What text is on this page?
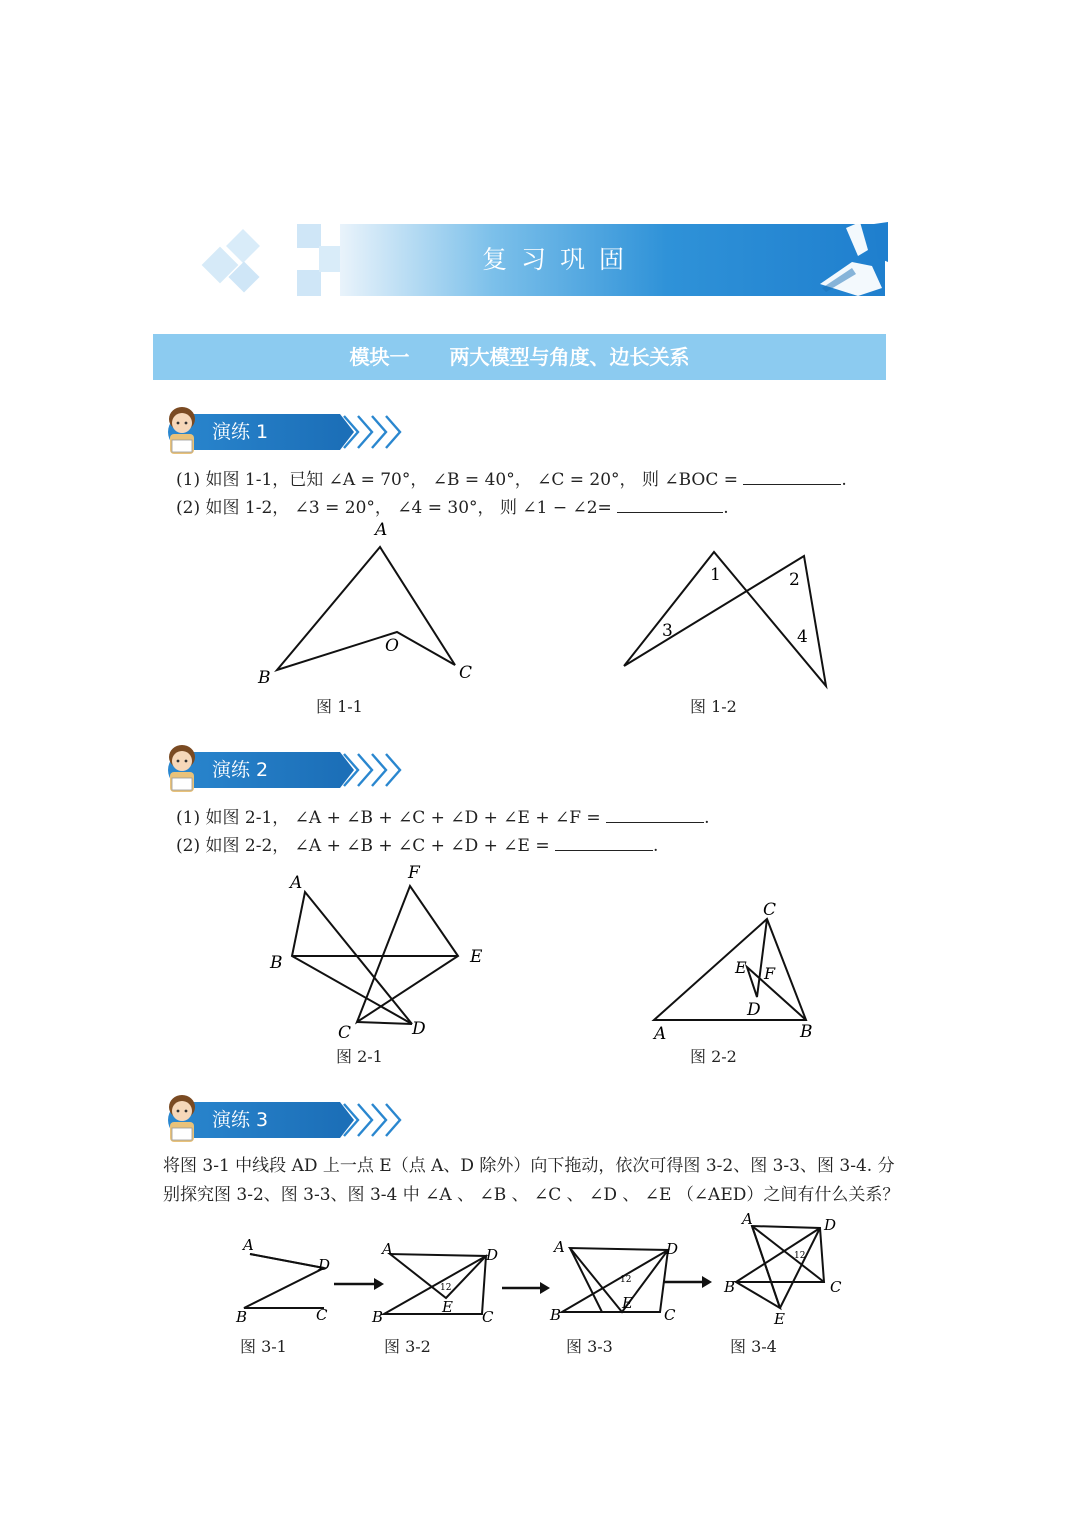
复习巩固
模块一　　两大模型与角度、边长关系
演练 1
(1) 如图 1-1，已知 ∠A = 70°， ∠B = 40°， ∠C = 20°， 则 ∠BOC =	.
(2) 如图 1-2， ∠3 = 20°， ∠4 = 30°， 则 ∠1 − ∠2=	.
A
B	C
O
图 1-1
1	2
3	4
图 1-2
演练 2
(1) 如图 2-1， ∠A + ∠B + ∠C + ∠D + ∠E + ∠F =	.
(2) 如图 2-2， ∠A + ∠B + ∠C + ∠D + ∠E =	.
A	F
B	E
C	D
图 2-1
C
E F
D
A	B
图 2-2
演练 3
将图 3-1 中线段 AD 上一点 E（点 A、D 除外）向下拖动，依次可得图 3-2、图 3-3、图 3-4. 分
别探究图 3-2、图 3-3、图 3-4 中 ∠A 、 ∠B 、 ∠C 、 ∠D 、 ∠E （∠AED）之间有什么关系？
A
D
B	C
A	D
12
E
B	C
A	D
12
E
B	C
A	D
12
B	C
E
图 3-1	图 3-2	图 3-3	图 3-4
